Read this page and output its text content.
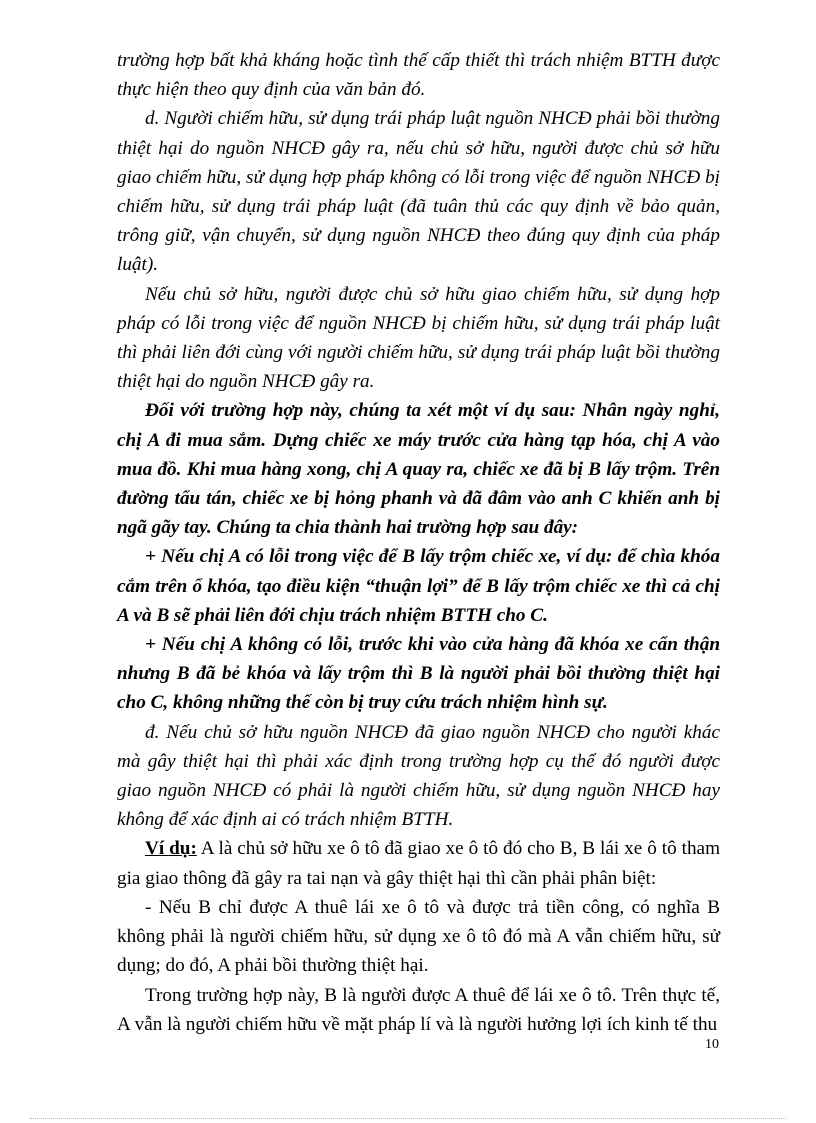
trường hợp bất khả kháng hoặc tình thế cấp thiết thì trách nhiệm BTTH được thực hiện theo quy định của văn bản đó.

d. Người chiếm hữu, sử dụng trái pháp luật nguồn NHCĐ phải bồi thường thiệt hại do nguồn NHCĐ gây ra, nếu chủ sở hữu, người được chủ sở hữu giao chiếm hữu, sử dụng hợp pháp không có lỗi trong việc để nguồn NHCĐ bị chiếm hữu, sử dụng trái pháp luật (đã tuân thủ các quy định về bảo quản, trông giữ, vận chuyển, sử dụng nguồn NHCĐ theo đúng quy định của pháp luật).

Nếu chủ sở hữu, người được chủ sở hữu giao chiếm hữu, sử dụng hợp pháp có lỗi trong việc để nguồn NHCĐ bị chiếm hữu, sử dụng trái pháp luật thì phải liên đới cùng với người chiếm hữu, sử dụng trái pháp luật bồi thường thiệt hại do nguồn NHCĐ gây ra.

Đối với trường hợp này, chúng ta xét một ví dụ sau: Nhân ngày nghỉ, chị A đi mua sắm. Dựng chiếc xe máy trước cửa hàng tạp hóa, chị A vào mua đồ. Khi mua hàng xong, chị A quay ra, chiếc xe đã bị B lấy trộm. Trên đường tẩu tán, chiếc xe bị hỏng phanh và đã đâm vào anh C khiến anh bị ngã gãy tay. Chúng ta chia thành hai trường hợp sau đây:

+ Nếu chị A có lỗi trong việc để B lấy trộm chiếc xe, ví dụ: để chìa khóa cắm trên ổ khóa, tạo điều kiện “thuận lợi” để B lấy trộm chiếc xe thì cả chị A và B sẽ phải liên đới chịu trách nhiệm BTTH cho C.

+ Nếu chị A không có lỗi, trước khi vào cửa hàng đã khóa xe cẩn thận nhưng B đã bẻ khóa và lấy trộm thì B là người phải bồi thường thiệt hại cho C, không những thế còn bị truy cứu trách nhiệm hình sự.

đ. Nếu chủ sở hữu nguồn NHCĐ đã giao nguồn NHCĐ cho người khác mà gây thiệt hại thì phải xác định trong trường hợp cụ thể đó người được giao nguồn NHCĐ có phải là người chiếm hữu, sử dụng nguồn NHCĐ hay không để xác định ai có trách nhiệm BTTH.

Ví dụ: A là chủ sở hữu xe ô tô đã giao xe ô tô đó cho B, B lái xe ô tô tham gia giao thông đã gây ra tai nạn và gây thiệt hại thì cần phải phân biệt:

- Nếu B chỉ được A thuê lái xe ô tô và được trả tiền công, có nghĩa B không phải là người chiếm hữu, sử dụng xe ô tô đó mà A vẫn chiếm hữu, sử dụng; do đó, A phải bồi thường thiệt hại.

Trong trường hợp này, B là người được A thuê để lái xe ô tô. Trên thực tế, A vẫn là người chiếm hữu về mặt pháp lí và là người hưởng lợi ích kinh tế thu

10
